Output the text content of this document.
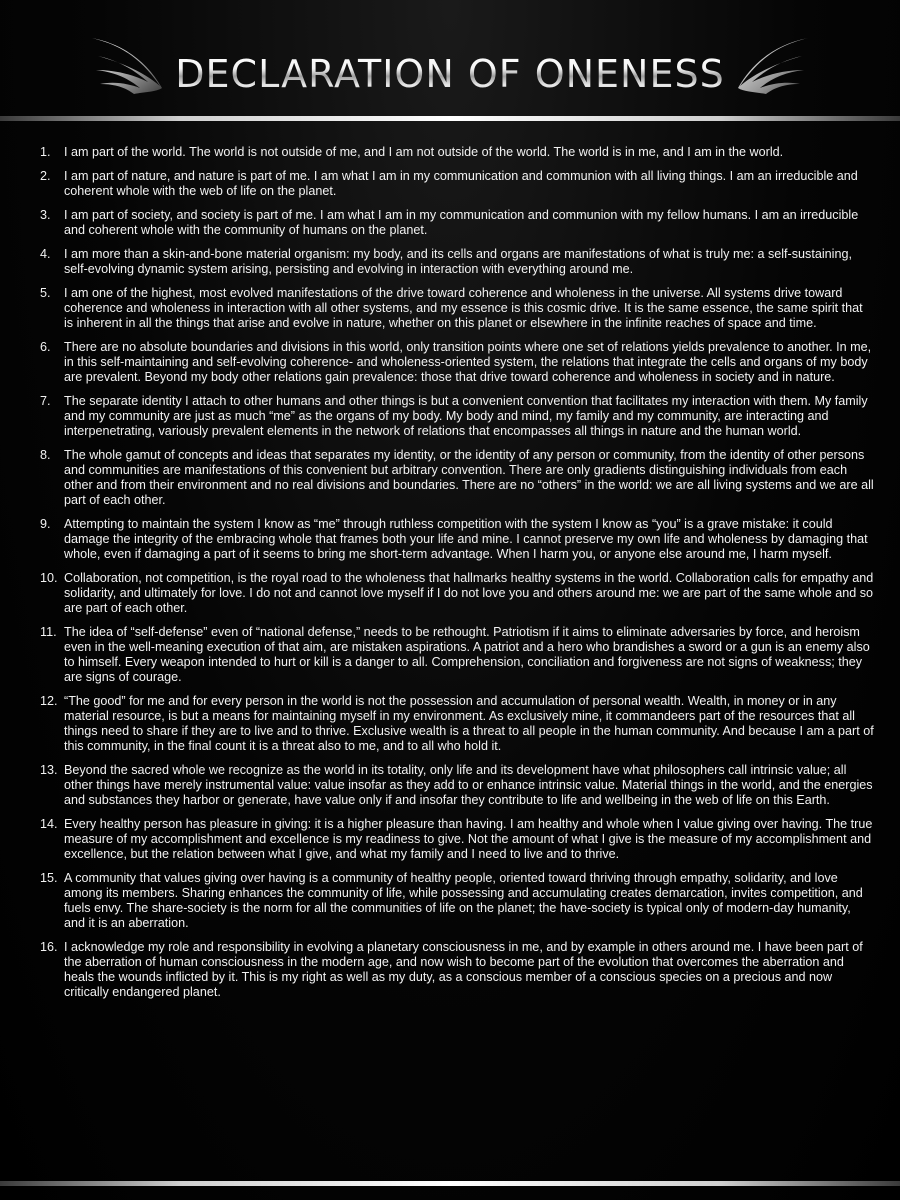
DECLARATION OF ONENESS
1.	I am part of the world. The world is not outside of me, and I am not outside of the world. The world is in me, and I am in the world.
2.	I am part of nature, and nature is part of me. I am what I am in my communication and communion with all living things. I am an irreducible and coherent whole with the web of life on the planet.
3.	I am part of society, and society is part of me. I am what I am in my communication and communion with my fellow humans. I am an irreducible and coherent whole with the community of humans on the planet.
4.	I am more than a skin-and-bone material organism: my body, and its cells and organs are manifestations of what is truly me: a self-sustaining, self-evolving dynamic system arising, persisting and evolving in interaction with everything around me.
5.	I am one of the highest, most evolved manifestations of the drive toward coherence and wholeness in the universe. All systems drive toward coherence and wholeness in interaction with all other systems, and my essence is this cosmic drive. It is the same essence, the same spirit that is inherent in all the things that arise and evolve in nature, whether on this planet or elsewhere in the infinite reaches of space and time.
6.	There are no absolute boundaries and divisions in this world, only transition points where one set of relations yields prevalence to another. In me, in this self-maintaining and self-evolving coherence- and wholeness-oriented system, the relations that integrate the cells and organs of my body are prevalent. Beyond my body other relations gain prevalence: those that drive toward coherence and wholeness in society and in nature.
7.	The separate identity I attach to other humans and other things is but a convenient convention that facilitates my interaction with them. My family and my community are just as much “me” as the organs of my body. My body and mind, my family and my community, are interacting and interpenetrating, variously prevalent elements in the network of relations that encompasses all things in nature and the human world.
8.	The whole gamut of concepts and ideas that separates my identity, or the identity of any person or community, from the identity of other persons and communities are manifestations of this convenient but arbitrary convention. There are only gradients distinguishing individuals from each other and from their environment and no real divisions and boundaries. There are no “others” in the world: we are all living systems and we are all part of each other.
9.	Attempting to maintain the system I know as “me” through ruthless competition with the system I know as “you” is a grave mistake: it could damage the integrity of the embracing whole that frames both your life and mine. I cannot preserve my own life and wholeness by damaging that whole, even if damaging a part of it seems to bring me short-term advantage. When I harm you, or anyone else around me, I harm myself.
10. Collaboration, not competition, is the royal road to the wholeness that hallmarks healthy systems in the world. Collaboration calls for empathy and solidarity, and ultimately for love. I do not and cannot love myself if I do not love you and others around me: we are part of the same whole and so are part of each other.
11. The idea of “self-defense” even of “national defense,” needs to be rethought. Patriotism if it aims to eliminate adversaries by force, and heroism even in the well-meaning execution of that aim, are mistaken aspirations. A patriot and a hero who brandishes a sword or a gun is an enemy also to himself. Every weapon intended to hurt or kill is a danger to all. Comprehension, conciliation and forgiveness are not signs of weakness; they are signs of courage.
12. “The good” for me and for every person in the world is not the possession and accumulation of personal wealth. Wealth, in money or in any material resource, is but a means for maintaining myself in my environment. As exclusively mine, it commandeers part of the resources that all things need to share if they are to live and to thrive. Exclusive wealth is a threat to all people in the human community. And because I am a part of this community, in the final count it is a threat also to me, and to all who hold it.
13. Beyond the sacred whole we recognize as the world in its totality, only life and its development have what philosophers call intrinsic value; all other things have merely instrumental value: value insofar as they add to or enhance intrinsic value. Material things in the world, and the energies and substances they harbor or generate, have value only if and insofar they contribute to life and wellbeing in the web of life on this Earth.
14. Every healthy person has pleasure in giving: it is a higher pleasure than having. I am healthy and whole when I value giving over having. The true measure of my accomplishment and excellence is my readiness to give. Not the amount of what I give is the measure of my accomplishment and excellence, but the relation between what I give, and what my family and I need to live and to thrive.
15. A community that values giving over having is a community of healthy people, oriented toward thriving through empathy, solidarity, and love among its members. Sharing enhances the community of life, while possessing and accumulating creates demarcation, invites competition, and fuels envy. The share-society is the norm for all the communities of life on the planet; the have-society is typical only of modern-day humanity, and it is an aberration.
16. I acknowledge my role and responsibility in evolving a planetary consciousness in me, and by example in others around me. I have been part of the aberration of human consciousness in the modern age, and now wish to become part of the evolution that overcomes the aberration and heals the wounds inflicted by it. This is my right as well as my duty, as a conscious member of a conscious species on a precious and now critically endangered planet.
